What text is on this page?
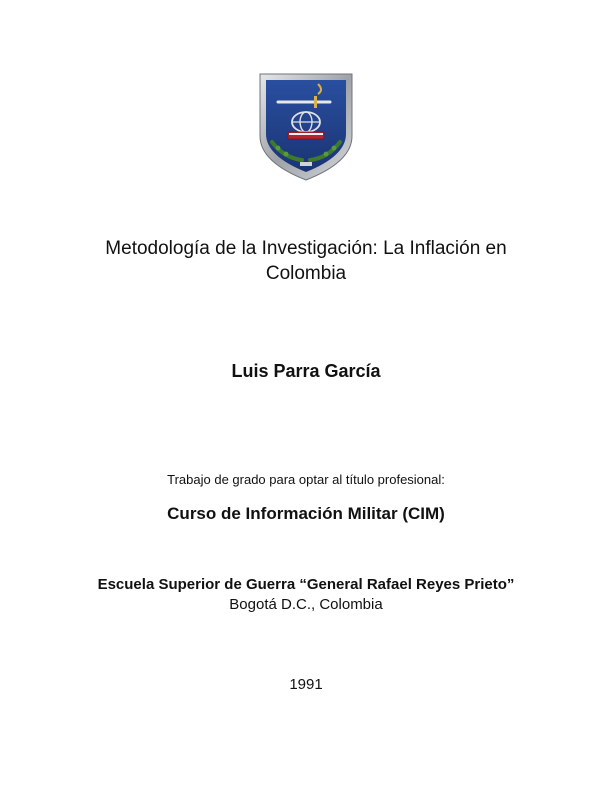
Metodología de la Investigación: La Inflación en
Colombia
Luis Parra García
Trabajo de grado para optar al título profesional:
Curso de Información Militar (CIM)
Escuela Superior de Guerra “General Rafael Reyes Prieto”
Bogotá D.C., Colombia
1991
